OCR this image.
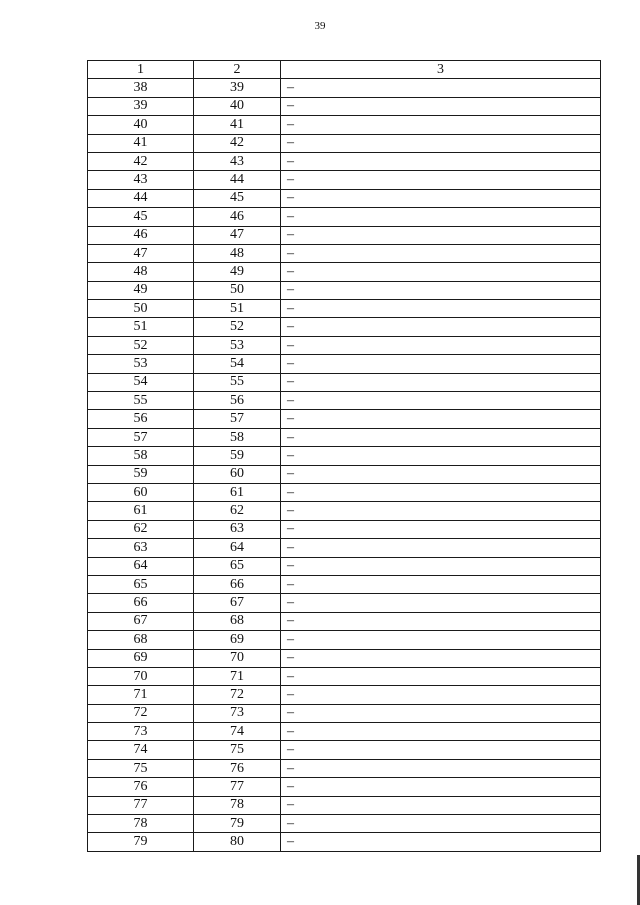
39
1	2	3
38	39	–
39	40	–
40	41	–
41	42	–
42	43	–
43	44	–
44	45	–
45	46	–
46	47	–
47	48	–
48	49	–
49	50	–
50	51	–
51	52	–
52	53	–
53	54	–
54	55	–
55	56	–
56	57	–
57	58	–
58	59	–
59	60	–
60	61	–
61	62	–
62	63	–
63	64	–
64	65	–
65	66	–
66	67	–
67	68	–
68	69	–
69	70	–
70	71	–
71	72	–
72	73	–
73	74	–
74	75	–
75	76	–
76	77	–
77	78	–
78	79	–
79	80	–
